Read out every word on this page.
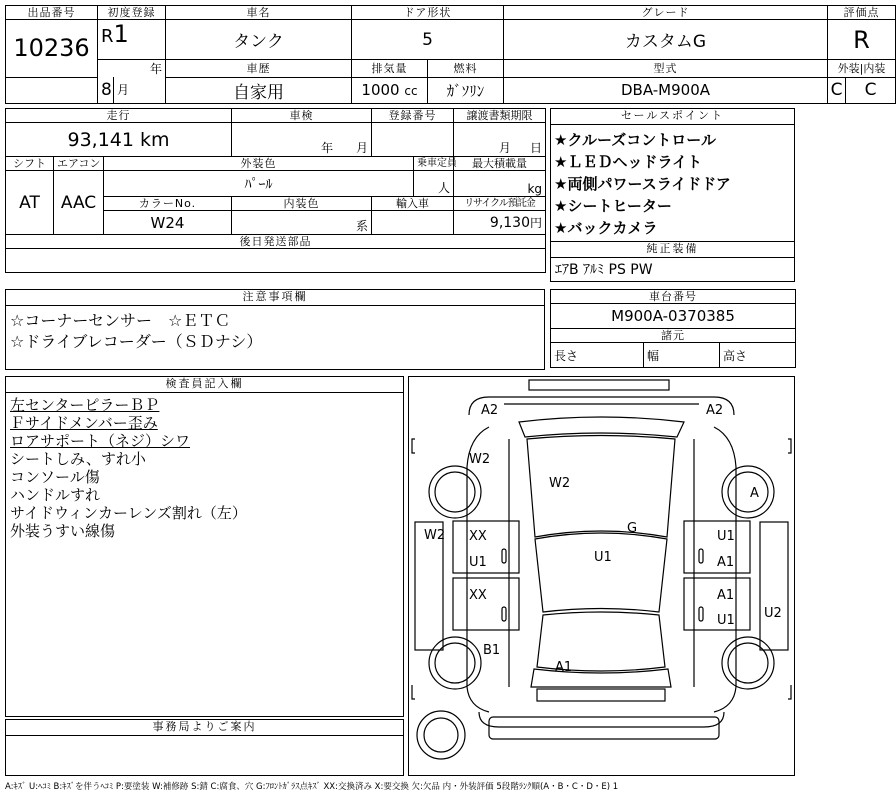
出品番号	初度登録		車名	ドア形状		グレード	評価点	
10236	R1		タンク	5		カスタムG	R	
	年		車歴	排気量	燃料	型式	外装|内装	
	8	月	自家用	1000 cc	ｶﾞｿﾘﾝ	DBA-M900A	C	C
走行			車検	登録番号		譲渡書類期限
93,141 km			年 月			月 日
シフト	エアコン	外装色			乗車定員	最大積載量
AT	AAC	ﾊﾟｰﾙ			人	kg
		カラーNo.	内装色	輸入車		リサイクル預託金
		W24	系			9,130円
後日発送部品						

セールスポイント
★クルーズコントロール
★ＬＥＤヘッドライト
★両側パワースライドドア
★シートヒーター
★バックカメラ
純正装備
ｴｱB ｱﾙﾐ PS PW
注意事項欄
☆コーナーセンサー　☆ＥＴＣ
☆ドライブレコーダー（ＳＤナシ）
車台番号
M900A-0370385
諸元
長さ	幅	高さ
検査員記入欄
左センターピラーＢＰ
Ｆサイドメンバー歪み
ロアサポート（ネジ）シワ
シートしみ、すれ小
コンソール傷
ハンドルすれ
サイドウィンカーレンズ割れ（左）
外装うすい線傷
事務局よりご案内
A2	A2
W2
W2
A
W2	G
XX
U1	U1
U1
A1
XX	A1
U1 U2
B1
A1
A:ｷｽﾞ U:ﾍｺﾐ B:ｷｽﾞを伴うﾍｺﾐ P:要塗装 W:補修跡 S:錆 C:腐食、穴 G:ﾌﾛﾝﾄｶﾞﾗｽ点ｷｽﾞ XX:交換済み X:要交換 欠:欠品 内・外装評価 5段階ﾗﾝｸ順(A・B・C・D・E) 1
